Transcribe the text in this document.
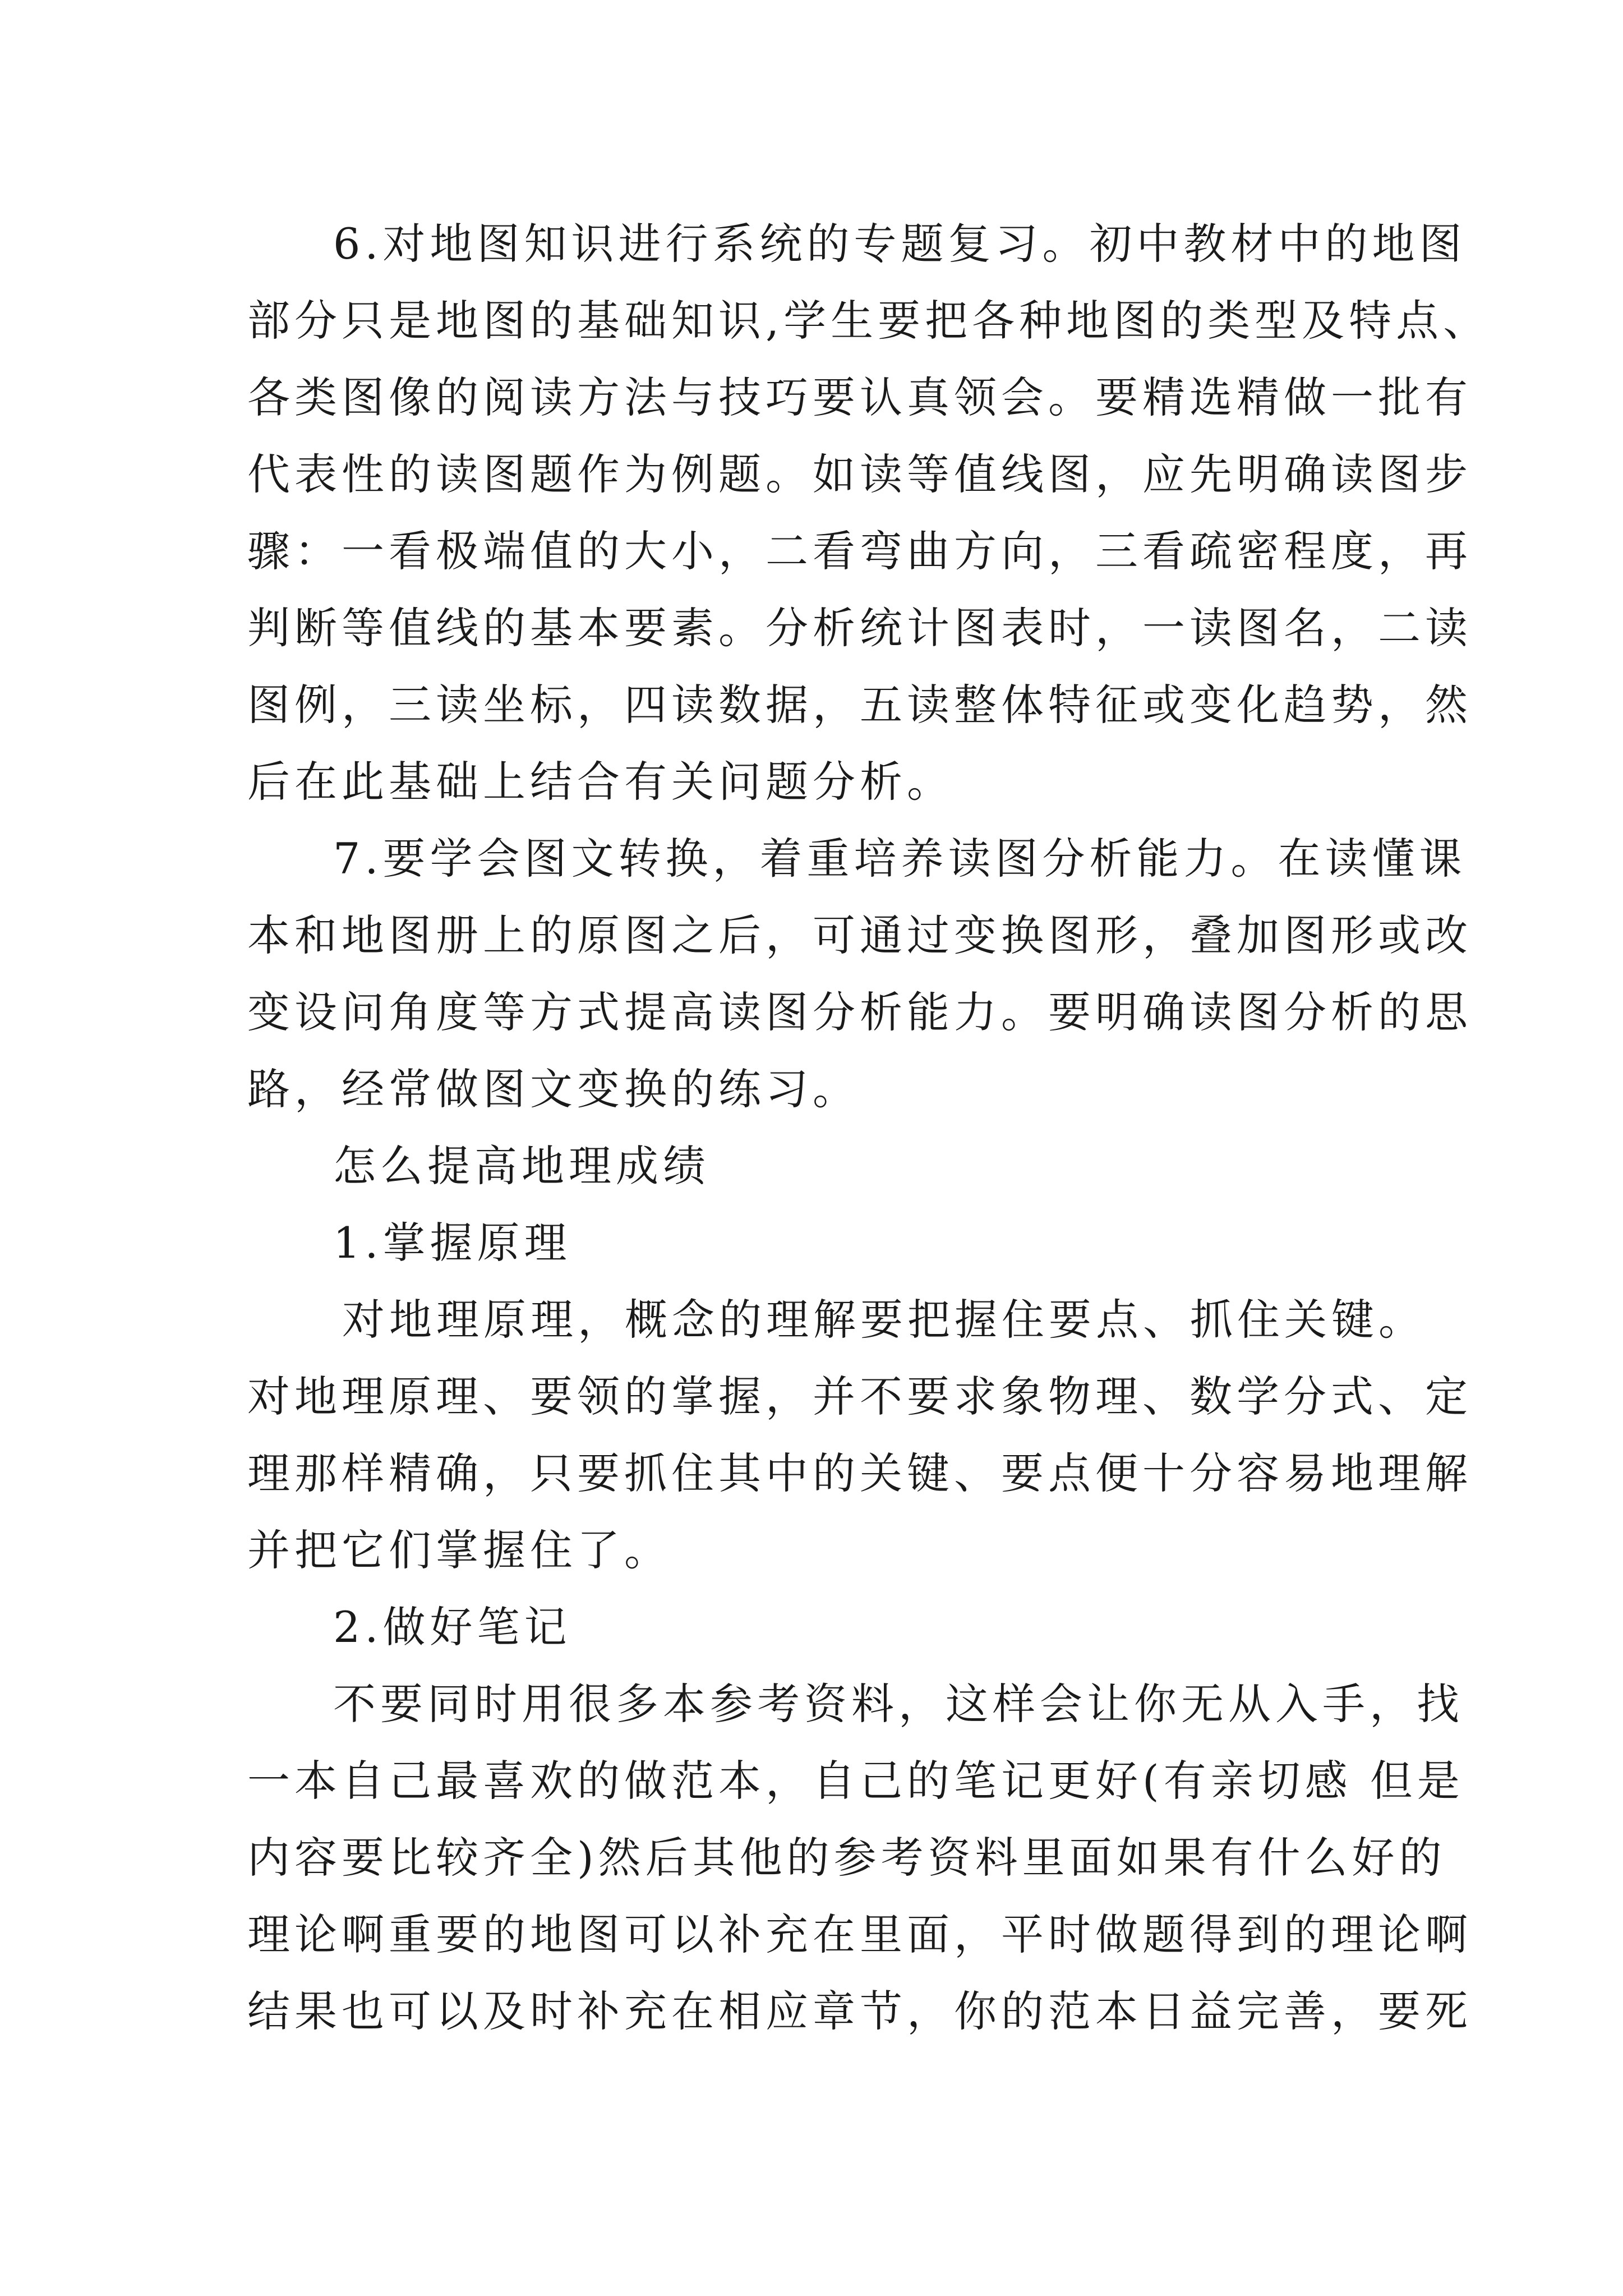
6.对地图知识进行系统的专题复习。初中教材中的地图
部分只是地图的基础知识,学生要把各种地图的类型及特点、
各类图像的阅读方法与技巧要认真领会。要精选精做一批有
代表性的读图题作为例题。如读等值线图，应先明确读图步
骤：一看极端值的大小，二看弯曲方向，三看疏密程度，再
判断等值线的基本要素。分析统计图表时，一读图名，二读
图例，三读坐标，四读数据，五读整体特征或变化趋势，然
后在此基础上结合有关问题分析。
7.要学会图文转换，着重培养读图分析能力。在读懂课
本和地图册上的原图之后，可通过变换图形，叠加图形或改
变设问角度等方式提高读图分析能力。要明确读图分析的思
路，经常做图文变换的练习。
怎么提高地理成绩
1.掌握原理
对地理原理，概念的理解要把握住要点、抓住关键。
对地理原理、要领的掌握，并不要求象物理、数学分式、定
理那样精确，只要抓住其中的关键、要点便十分容易地理解
并把它们掌握住了。
2.做好笔记
不要同时用很多本参考资料，这样会让你无从入手，找
一本自己最喜欢的做范本，自己的笔记更好(有亲切感 但是
内容要比较齐全)然后其他的参考资料里面如果有什么好的
理论啊重要的地图可以补充在里面，平时做题得到的理论啊
结果也可以及时补充在相应章节，你的范本日益完善，要死
